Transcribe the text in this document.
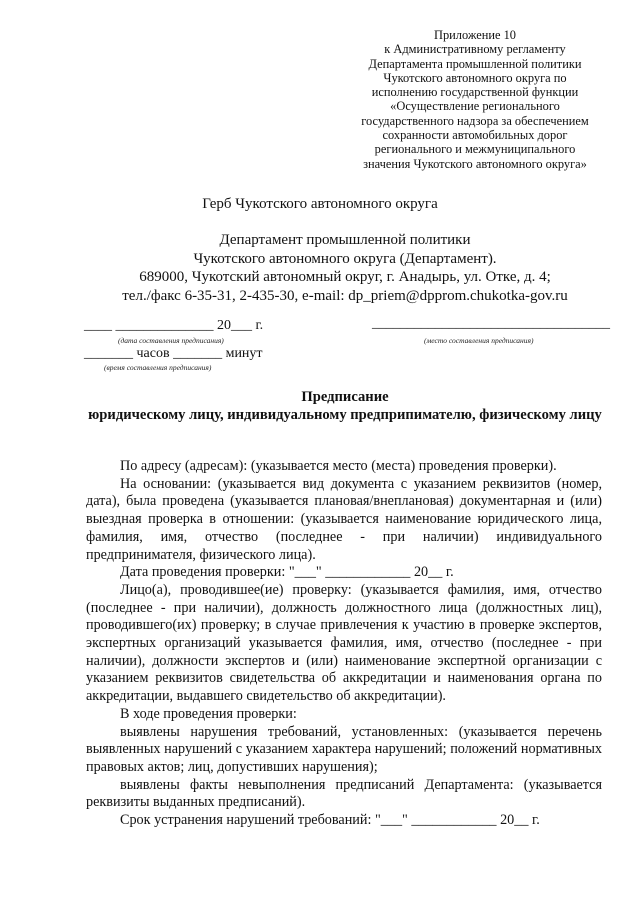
Приложение 10
к Административному регламенту
Департамента промышленной политики
Чукотского автономного округа по
исполнению государственной функции
«Осуществление регионального
государственного надзора за обеспечением
сохранности автомобильных дорог
регионального и межмуниципального
значения Чукотского автономного округа»
Герб Чукотского автономного округа
Департамент промышленной политики
Чукотского автономного округа (Департамент).
689000, Чукотский автономный округ, г. Анадырь, ул. Отке, д. 4;
тел./факс 6-35-31, 2-435-30, e-mail: dp_priem@dpprom.chukotka-gov.ru
____ ______________ 20___ г.
(дата составления предписания)
__________________________________
(место составления предписания)
_______ часов _______ минут
(время составления предписания)
Предписание
юридическому лицу, индивидуальному предприпимателю, физическому лицу

По адресу (адресам): (указывается место (места) проведения проверки).

На основании: (указывается вид документа с указанием реквизитов (номер, дата), была проведена (указывается плановая/внеплановая) документарная и (или) выездная проверка в отношении: (указывается наименование юридического лица, фамилия, имя, отчество (последнее - при наличии) индивидуального предпринимателя, физического лица).

Дата проведения проверки: "___" ____________ 20__ г.

Лицо(а), проводившее(ие) проверку: (указывается фамилия, имя, отчество (последнее - при наличии), должность должностного лица (должностных лиц), проводившего(их) проверку; в случае привлечения к участию в проверке экспертов, экспертных организаций указывается фамилия, имя, отчество (последнее - при наличии), должности экспертов и (или) наименование экспертной организации с указанием реквизитов свидетельства об аккредитации и наименования органа по аккредитации, выдавшего свидетельство об аккредитации).

В ходе проведения проверки:

выявлены нарушения требований, установленных: (указывается перечень выявленных нарушений с указанием характера нарушений; положений нормативных правовых актов; лиц, допустивших нарушения);

выявлены факты невыполнения предписаний Департамента: (указывается реквизиты выданных предписаний).

Срок устранения нарушений требований: "___" ____________ 20__ г.
